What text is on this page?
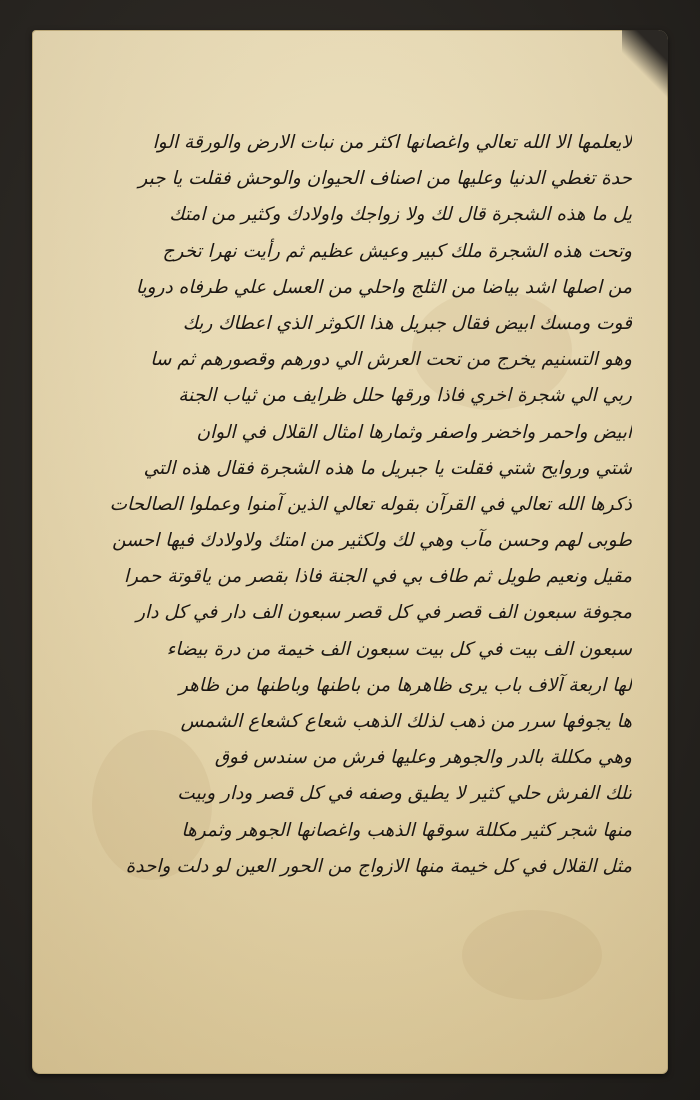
لايعلمها الا الله تعالي واغصانها اكثر من نبات الارض والورقة الوا
حدة تغطي الدنيا وعليها من اصناف الحيوان والوحش فقلت يا جبر
يل ما هذه الشجرة قال لك ولا زواجك واولادك وكثير من امتك
وتحت هذه الشجرة ملك كبير وعيش عظيم ثم رأيت نهرا تخرج
من اصلها اشد بياضا من الثلج واحلي من العسل علي طرفاه درويا
قوت ومسك ابيض فقال جبريل هذا الكوثر الذي اعطاك ربك
وهو التسنيم يخرج من تحت العرش الي دورهم وقصورهم ثم سا
ربي الي شجرة اخري فاذا ورقها حلل ظرايف من ثياب الجنة
ابيض واحمر واخضر واصفر وثمارها امثال القلال في الوان
شتي وروايح شتي فقلت يا جبريل ما هذه الشجرة فقال هذه التي
ذكرها الله تعالي في القرآن بقوله تعالي الذين آمنوا وعملوا الصالحات
طوبى لهم وحسن مآب وهي لك ولكثير من امتك ولاولادك فيها احسن
مقيل ونعيم طويل ثم طاف بي في الجنة فاذا بقصر من ياقوتة حمرا
مجوفة سبعون الف قصر في كل قصر سبعون الف دار في كل دار
سبعون الف بيت في كل بيت سبعون الف خيمة من درة بيضاء
لها اربعة آلاف باب يرى ظاهرها من باطنها وباطنها من ظاهر
ها يجوفها سرر من ذهب لذلك الذهب شعاع كشعاع الشمس
وهي مكللة بالدر والجوهر وعليها فرش من سندس فوق
تلك الفرش حلي كثير لا يطيق وصفه في كل قصر ودار وبيت
منها شجر كثير مكللة سوقها الذهب واغصانها الجوهر وثمرها
مثل القلال في كل خيمة منها الازواج من الحور العين لو دلت واحدة
